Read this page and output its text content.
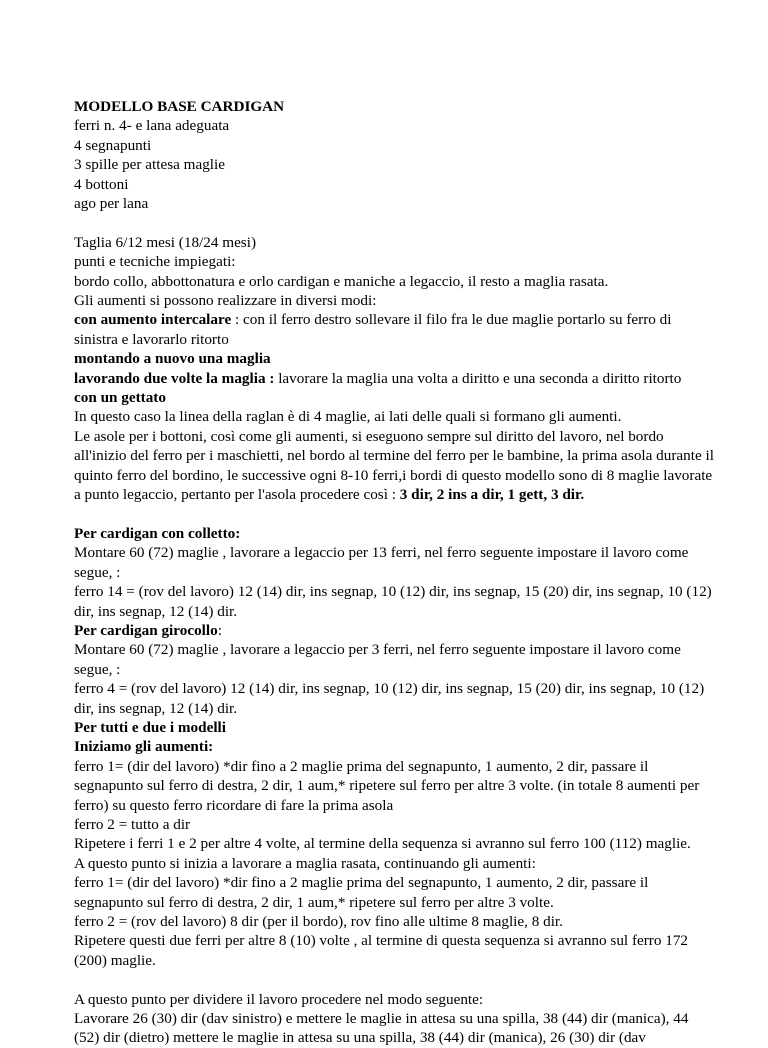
MODELLO BASE CARDIGAN
ferri n. 4- e lana adeguata
4 segnapunti
3 spille per attesa maglie
4 bottoni
ago per lana
Taglia 6/12 mesi (18/24 mesi)
punti e tecniche impiegati:
bordo collo, abbottonatura e orlo cardigan e maniche a legaccio, il resto a maglia rasata.
Gli aumenti si possono realizzare in diversi modi:
con aumento intercalare : con il ferro destro sollevare il filo fra le due maglie portarlo su ferro di sinistra e lavorarlo ritorto
montando a nuovo una maglia
lavorando due volte la maglia : lavorare la maglia una volta a diritto e una seconda a diritto ritorto
con un gettato
In questo caso la linea della raglan è di 4 maglie, ai lati delle quali si formano gli aumenti.
Le asole per i bottoni, così come gli aumenti, si eseguono sempre sul diritto del lavoro, nel bordo all'inizio del ferro per i maschietti, nel bordo al termine del ferro per le bambine, la prima asola durante il quinto ferro del bordino, le successive ogni 8-10 ferri,i bordi di questo modello sono di 8 maglie lavorate a punto legaccio, pertanto per l'asola procedere così : 3 dir, 2 ins a dir, 1 gett, 3 dir.
Per cardigan con colletto:
Montare 60 (72) maglie , lavorare a legaccio per 13 ferri, nel ferro seguente impostare il lavoro come segue, :
ferro 14 = (rov del lavoro) 12 (14) dir, ins segnap, 10 (12) dir, ins segnap, 15 (20) dir, ins segnap, 10 (12) dir, ins segnap, 12 (14) dir.
Per cardigan girocollo:
Montare 60 (72) maglie , lavorare a legaccio per 3 ferri, nel ferro seguente impostare il lavoro come segue, :
ferro 4 = (rov del lavoro) 12 (14) dir, ins segnap, 10 (12) dir, ins segnap, 15 (20) dir, ins segnap, 10 (12) dir, ins segnap, 12 (14) dir.
Per tutti e due i modelli
Iniziamo gli aumenti:
ferro 1= (dir del lavoro) *dir fino a 2 maglie prima del segnapunto, 1 aumento, 2 dir, passare il segnapunto sul ferro di destra, 2 dir, 1 aum,* ripetere sul ferro per altre 3 volte. (in totale 8 aumenti per ferro) su questo ferro ricordare di fare la prima asola
ferro 2 = tutto a dir
Ripetere i ferri 1 e 2 per altre 4 volte, al termine della sequenza si avranno sul ferro 100 (112) maglie.
A questo punto si inizia a lavorare a maglia rasata, continuando gli aumenti:
ferro 1= (dir del lavoro) *dir fino a 2 maglie prima del segnapunto, 1 aumento, 2 dir, passare il segnapunto sul ferro di destra, 2 dir, 1 aum,* ripetere sul ferro per altre 3 volte.
ferro 2 = (rov del lavoro) 8 dir (per il bordo), rov fino alle ultime 8 maglie, 8 dir.
Ripetere questi due ferri per altre 8 (10) volte , al termine di questa sequenza si avranno sul ferro 172 (200) maglie.
A questo punto per dividere il lavoro procedere nel modo seguente:
Lavorare 26 (30) dir (dav sinistro) e mettere le maglie in attesa su una spilla, 38 (44) dir (manica), 44 (52) dir (dietro) mettere le maglie in attesa su una spilla, 38 (44) dir (manica), 26 (30) dir (dav
